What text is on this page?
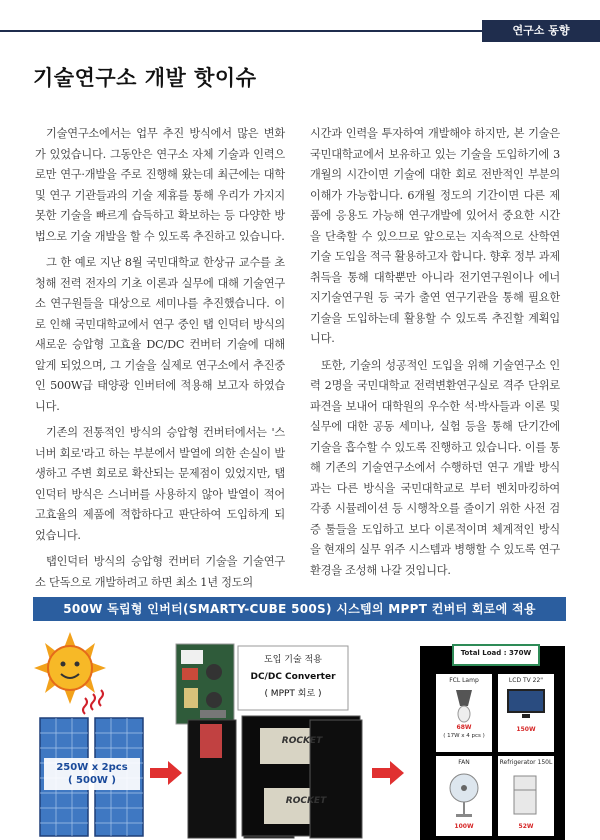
연구소 동향
기술연구소 개발 핫이슈

기술연구소에서는 업무 추진 방식에서 많은 변화가 있었습니다. 그동안은 연구소 자체 기술과 인력으로만 연구·개발을 주로 진행해 왔는데 최근에는 대학 및 연구 기관들과의 기술 제휴를 통해 우리가 가지지 못한 기술을 빠르게 습득하고 확보하는 등 다양한 방법으로 기술 개발을 할 수 있도록 추진하고 있습니다.

그 한 예로 지난 8월 국민대학교 한상규 교수를 초청해 전력 전자의 기초 이론과 실무에 대해 기술연구소 연구원들을 대상으로 세미나를 추진했습니다. 이로 인해 국민대학교에서 연구 중인 탭 인덕터 방식의 새로운 승압형 고효율 DC/DC 컨버터 기술에 대해 알게 되었으며, 그 기술을 실제로 연구소에서 추진중인 500W급 태양광 인버터에 적용해 보고자 하였습니다.

기존의 전통적인 방식의 승압형 컨버터에서는 '스너버 회로'라고 하는 부분에서 발열에 의한 손실이 발생하고 주변 회로로 확산되는 문제점이 있었지만, 탭인덕터 방식은 스너버를 사용하지 않아 발열이 적어 고효율의 제품에 적합하다고 판단하여 도입하게 되었습니다.

탭인덕터 방식의 승압형 컨버터 기술을 기술연구소 단독으로 개발하려고 하면 최소 1년 정도의

시간과 인력을 투자하여 개발해야 하지만, 본 기술은 국민대학교에서 보유하고 있는 기술을 도입하기에 3개월의 시간이면 기술에 대한 회로 전반적인 부분의 이해가 가능합니다. 6개월 정도의 기간이면 다른 제품에 응용도 가능해 연구개발에 있어서 중요한 시간을 단축할 수 있으므로 앞으로는 지속적으로 산학연 기술 도입을 적극 활용하고자 합니다. 향후 정부 과제 취득을 통해 대학뿐만 아니라 전기연구원이나 에너지기술연구원 등 국가 출연 연구기관을 통해 필요한 기술을 도입하는데 활용할 수 있도록 추진할 계획입니다.

또한, 기술의 성공적인 도입을 위해 기술연구소 인력 2명을 국민대학교 전력변환연구실로 격주 단위로 파견을 보내어 대학원의 우수한 석·박사들과 이론 및 실무에 대한 공동 세미나, 실험 등을 통해 단기간에 기술을 흡수할 수 있도록 진행하고 있습니다. 이를 통해 기존의 기술연구소에서 수행하던 연구 개발 방식과는 다른 방식을 국민대학교로 부터 벤치마킹하여 각종 시뮬레이션 등 시행착오를 줄이기 위한 사전 검증 툴들을 도입하고 보다 이론적이며 체계적인 방식을 현재의 실무 위주 시스템과 병행할 수 있도록 연구 환경을 조성해 나갈 것입니다.

500W 독립형 인버터(SMARTY-CUBE 500S) 시스템의 MPPT 컨버터 회로에 적용
250W x 2pcs
( 500W )
도입 기술 적용
DC/DC Converter
( MPPT 회로 )
ROCKET
ROCKET
Total Load : 370W
FCL Lamp
68W
( 17W x 4 pcs )
LCD TV 22"
150W
FAN
100W
Refrigerator 150L
52W
